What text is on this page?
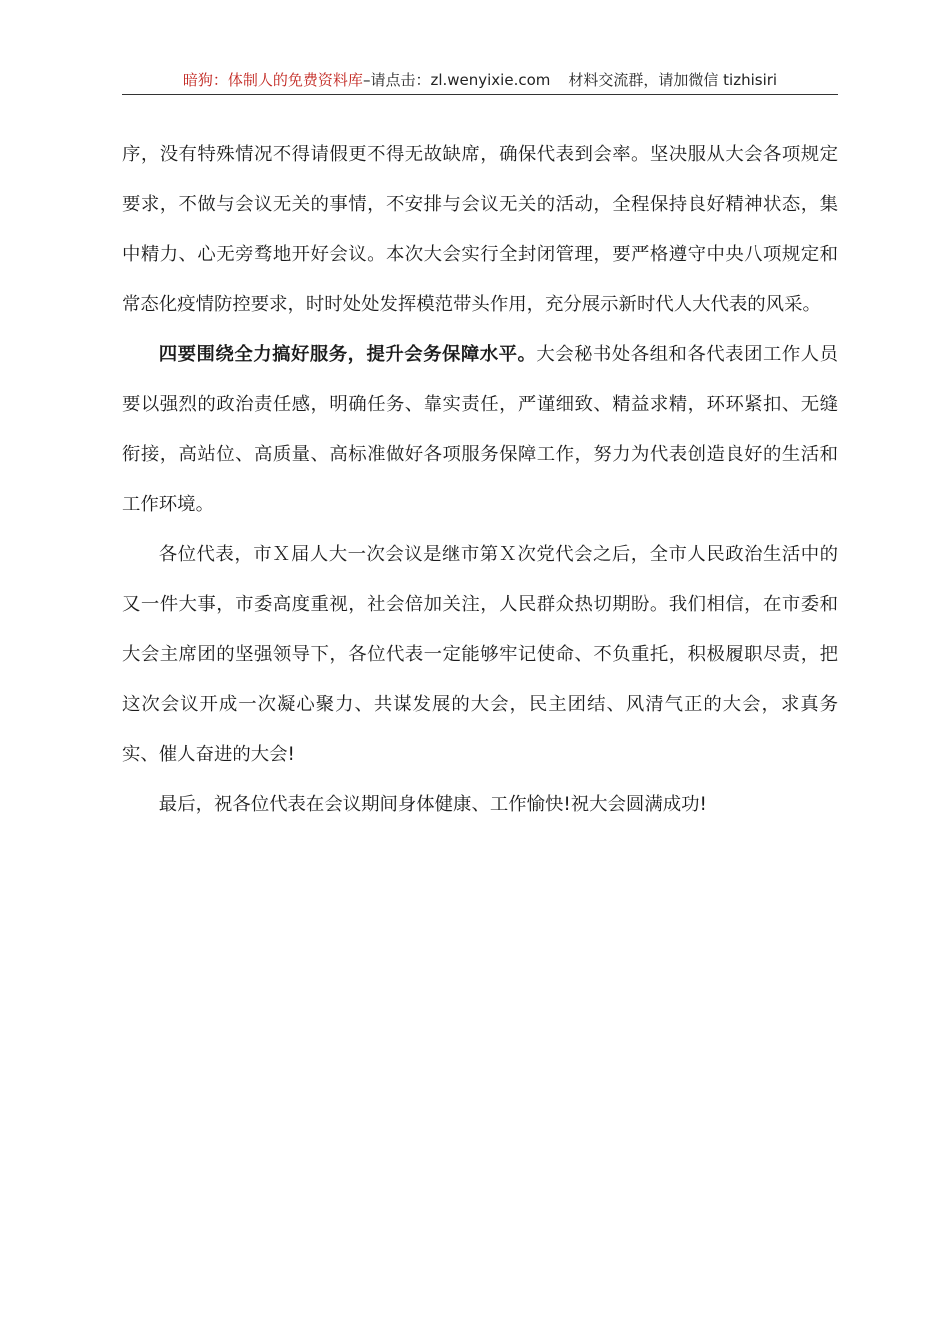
暗狗：体制人的免费资料库–请点击：zl.wenyixie.com 材料交流群，请加微信 tizhisiri

序，没有特殊情况不得请假更不得无故缺席，确保代表到会率。坚决服从大会各项规定要求，不做与会议无关的事情，不安排与会议无关的活动，全程保持良好精神状态，集中精力、心无旁骛地开好会议。本次大会实行全封闭管理，要严格遵守中央八项规定和常态化疫情防控要求，时时处处发挥模范带头作用，充分展示新时代人大代表的风采。

四要围绕全力搞好服务，提升会务保障水平。大会秘书处各组和各代表团工作人员要以强烈的政治责任感，明确任务、靠实责任，严谨细致、精益求精，环环紧扣、无缝衔接，高站位、高质量、高标准做好各项服务保障工作，努力为代表创造良好的生活和工作环境。

各位代表，市Ｘ届人大一次会议是继市第Ｘ次党代会之后，全市人民政治生活中的又一件大事，市委高度重视，社会倍加关注，人民群众热切期盼。我们相信，在市委和大会主席团的坚强领导下，各位代表一定能够牢记使命、不负重托，积极履职尽责，把这次会议开成一次凝心聚力、共谋发展的大会，民主团结、风清气正的大会，求真务实、催人奋进的大会!

最后，祝各位代表在会议期间身体健康、工作愉快!祝大会圆满成功!
